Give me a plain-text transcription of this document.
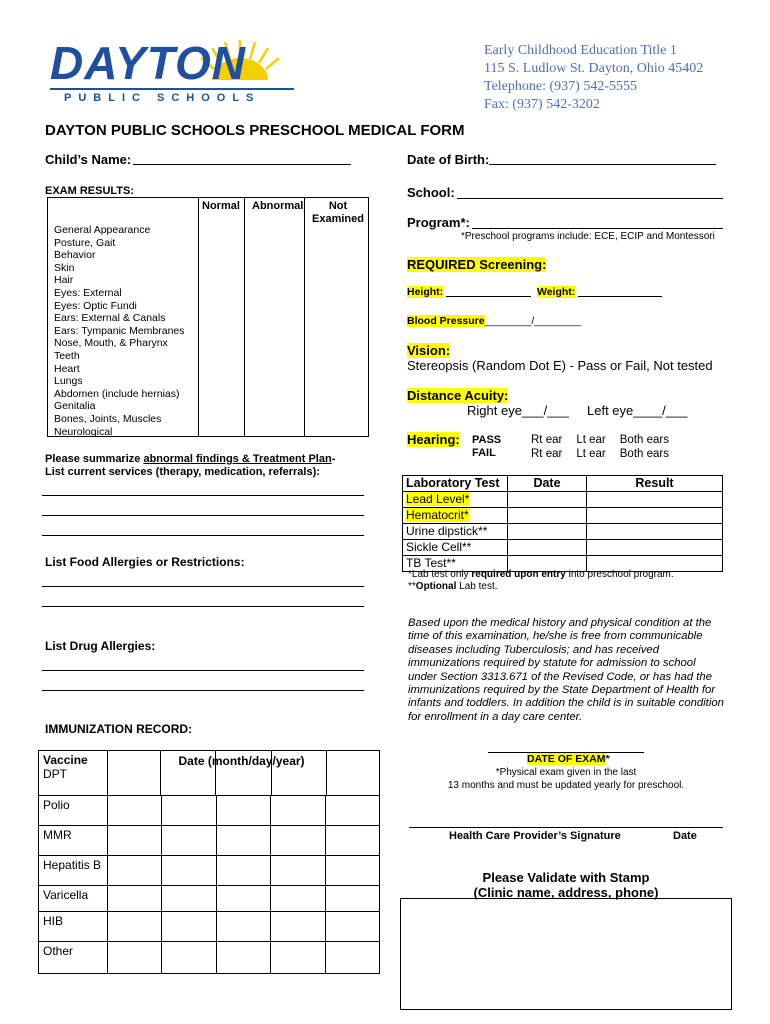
DAYTON
PUBLIC SCHOOLS
Early Childhood Education Title 1
115 S. Ludlow St. Dayton, Ohio 45402
Telephone: (937) 542-5555
Fax: (937) 542-3202
DAYTON PUBLIC SCHOOLS PRESCHOOL MEDICAL FORM
Child’s Name:
EXAM RESULTS:
Normal Abnormal	Not
Examined
General Appearance
Posture, Gait
Behavior
Skin
Hair
Eyes: External
Eyes: Optic Fundi
Ears: External & Canals
Ears: Tympanic Membranes
Nose, Mouth, & Pharynx
Teeth
Heart
Lungs
Abdomen (include hernias)
Genitalia
Bones, Joints, Muscles
Neurological
Please summarize abnormal findings & Treatment Plan-
List current services (therapy, medication, referrals):
List Food Allergies or Restrictions:
List Drug Allergies:
IMMUNIZATION RECORD:
Vaccine
DPT

Date (month/day/year)

Polio					
MMR					
Hepatitis B					
Varicella					
HIB					
Other					
Date of Birth:
School:
Program*:
*Preschool programs include: ECE, ECIP and Montessori
REQUIRED Screening:
Height:	Weight:
Blood Pressure________/________
Vision:
Stereopsis (Random Dot E) - Pass or Fail, Not tested
Distance Acuity:
Right eye___/___ Left eye____/___
Hearing: PASS
FAIL
Rt ear Lt ear Both ears
Rt ear Lt ear Both ears
Laboratory Test	Date	Result
Lead Level*		
Hematocrit*		
Urine dipstick**		
Sickle Cell**		
TB Test**		
*Lab test only required upon entry into preschool program.
**Optional Lab test.
Based upon the medical history and physical condition at the time of this examination, he/she is free from communicable diseases including Tuberculosis; and has received immunizations required by statute for admission to school under Section 3313.671 of the Revised Code, or has had the immunizations required by the State Department of Health for infants and toddlers. In addition the child is in suitable condition for enrollment in a day care center.
DATE OF EXAM*
*Physical exam given in the last
13 months and must be updated yearly for preschool.
Health Care Provider’s Signature	Date
Please Validate with Stamp
(Clinic name, address, phone)
